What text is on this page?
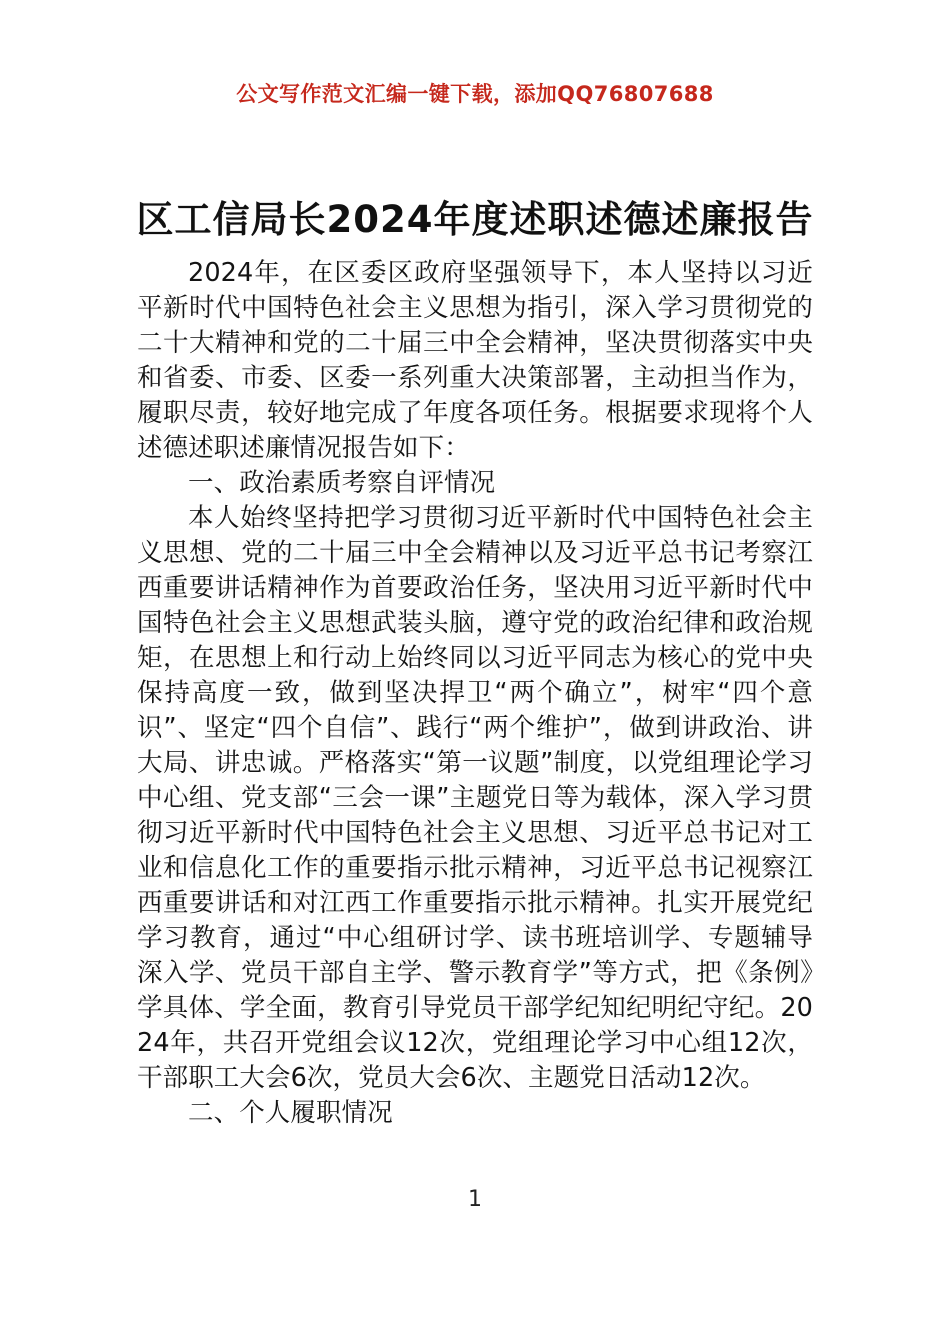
公文写作范文汇编一键下载，添加QQ76807688
区工信局长2024年度述职述德述廉报告

2024年，在区委区政府坚强领导下，本人坚持以习近平新时代中国特色社会主义思想为指引，深入学习贯彻党的二十大精神和党的二十届三中全会精神，坚决贯彻落实中央和省委、市委、区委一系列重大决策部署，主动担当作为，履职尽责，较好地完成了年度各项任务。根据要求现将个人述德述职述廉情况报告如下：

一、政治素质考察自评情况

本人始终坚持把学习贯彻习近平新时代中国特色社会主义思想、党的二十届三中全会精神以及习近平总书记考察江西重要讲话精神作为首要政治任务，坚决用习近平新时代中国特色社会主义思想武装头脑，遵守党的政治纪律和政治规矩，在思想上和行动上始终同以习近平同志为核心的党中央保持高度一致，做到坚决捍卫“两个确立”，树牢“四个意识”、坚定“四个自信”、践行“两个维护”，做到讲政治、讲大局、讲忠诚。严格落实“第一议题”制度，以党组理论学习中心组、党支部“三会一课”主题党日等为载体，深入学习贯彻习近平新时代中国特色社会主义思想、习近平总书记对工业和信息化工作的重要指示批示精神，习近平总书记视察江西重要讲话和对江西工作重要指示批示精神。扎实开展党纪学习教育，通过“中心组研讨学、读书班培训学、专题辅导深入学、党员干部自主学、警示教育学”等方式，把《条例》学具体、学全面，教育引导党员干部学纪知纪明纪守纪。2024年，共召开党组会议12次，党组理论学习中心组12次，干部职工大会6次，党员大会6次、主题党日活动12次。

二、个人履职情况

1
